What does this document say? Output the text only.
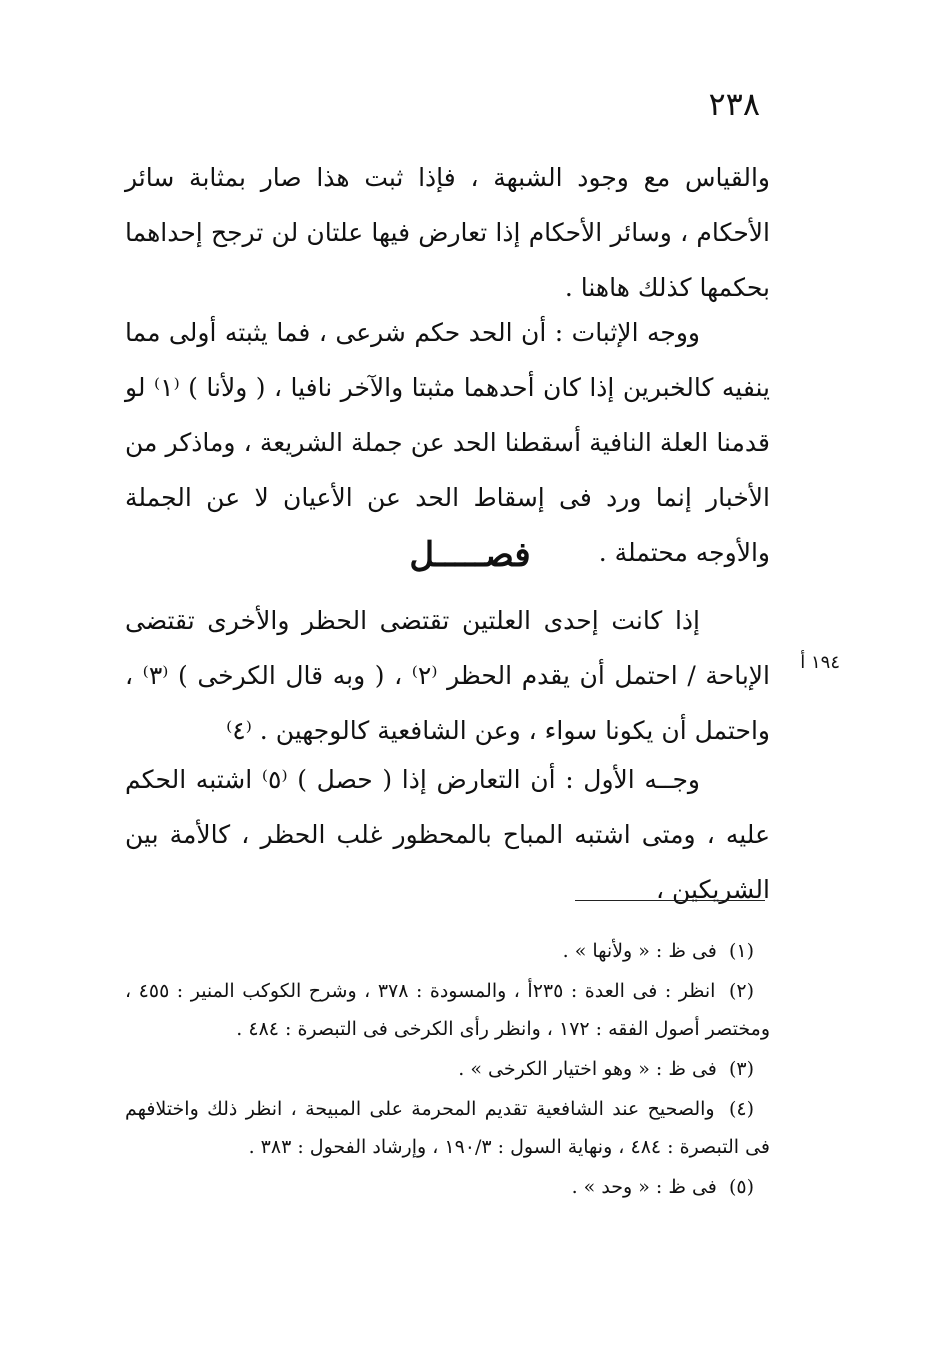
٢٣٨

والقياس مع وجود الشبهة ، فإذا ثبت هذا صار بمثابة سائر الأحكام ، وسائر الأحكام إذا تعارض فيها علتان لن ترجح إحداهما بحكمها كذلك هاهنا .

ووجه الإثبات : أن الحد حكم شرعى ، فما يثبته أولى مما ينفيه كالخبرين إذا كان أحدهما مثبتا والآخر نافيا ، ( ولأنا ) ⁽١⁾ لو قدمنا العلة النافية أسقطنا الحد عن جملة الشريعة ، وماذكر من الأخبار إنما ورد فى إسقاط الحد عن الأعيان لا عن الجملة والأوجه محتملة .

فصـــــل
١٩٤ أ

إذا كانت إحدى العلتين تقتضى الحظر والأخرى تقتضى الإباحة / احتمل أن يقدم الحظر ⁽٢⁾ ، ( وبه قال الكرخى ) ⁽٣⁾ ، واحتمل أن يكونا سواء ، وعن الشافعية كالوجهين . ⁽٤⁾

وجــه الأول : أن التعارض إذا ( حصل ) ⁽٥⁾ اشتبه الحكم عليه ، ومتى اشتبه المباح بالمحظور غلب الحظر ، كالأمة بين الشريكين ،

(١) فى ظ : « ولأنها » .

(٢) انظر : فى العدة : ٢٣٥أ ، والمسودة : ٣٧٨ ، وشرح الكوكب المنير : ٤٥٥ ، ومختصر أصول الفقه : ١٧٢ ، وانظر رأى الكرخى فى التبصرة : ٤٨٤ .

(٣) فى ظ : « وهو اختيار الكرخى » .

(٤) والصحيح عند الشافعية تقديم المحرمة على المبيحة ، انظر ذلك واختلافهم فى التبصرة : ٤٨٤ ، ونهاية السول : ١٩٠/٣ ، وإرشاد الفحول : ٣٨٣ .

(٥) فى ظ : « وحد » .
